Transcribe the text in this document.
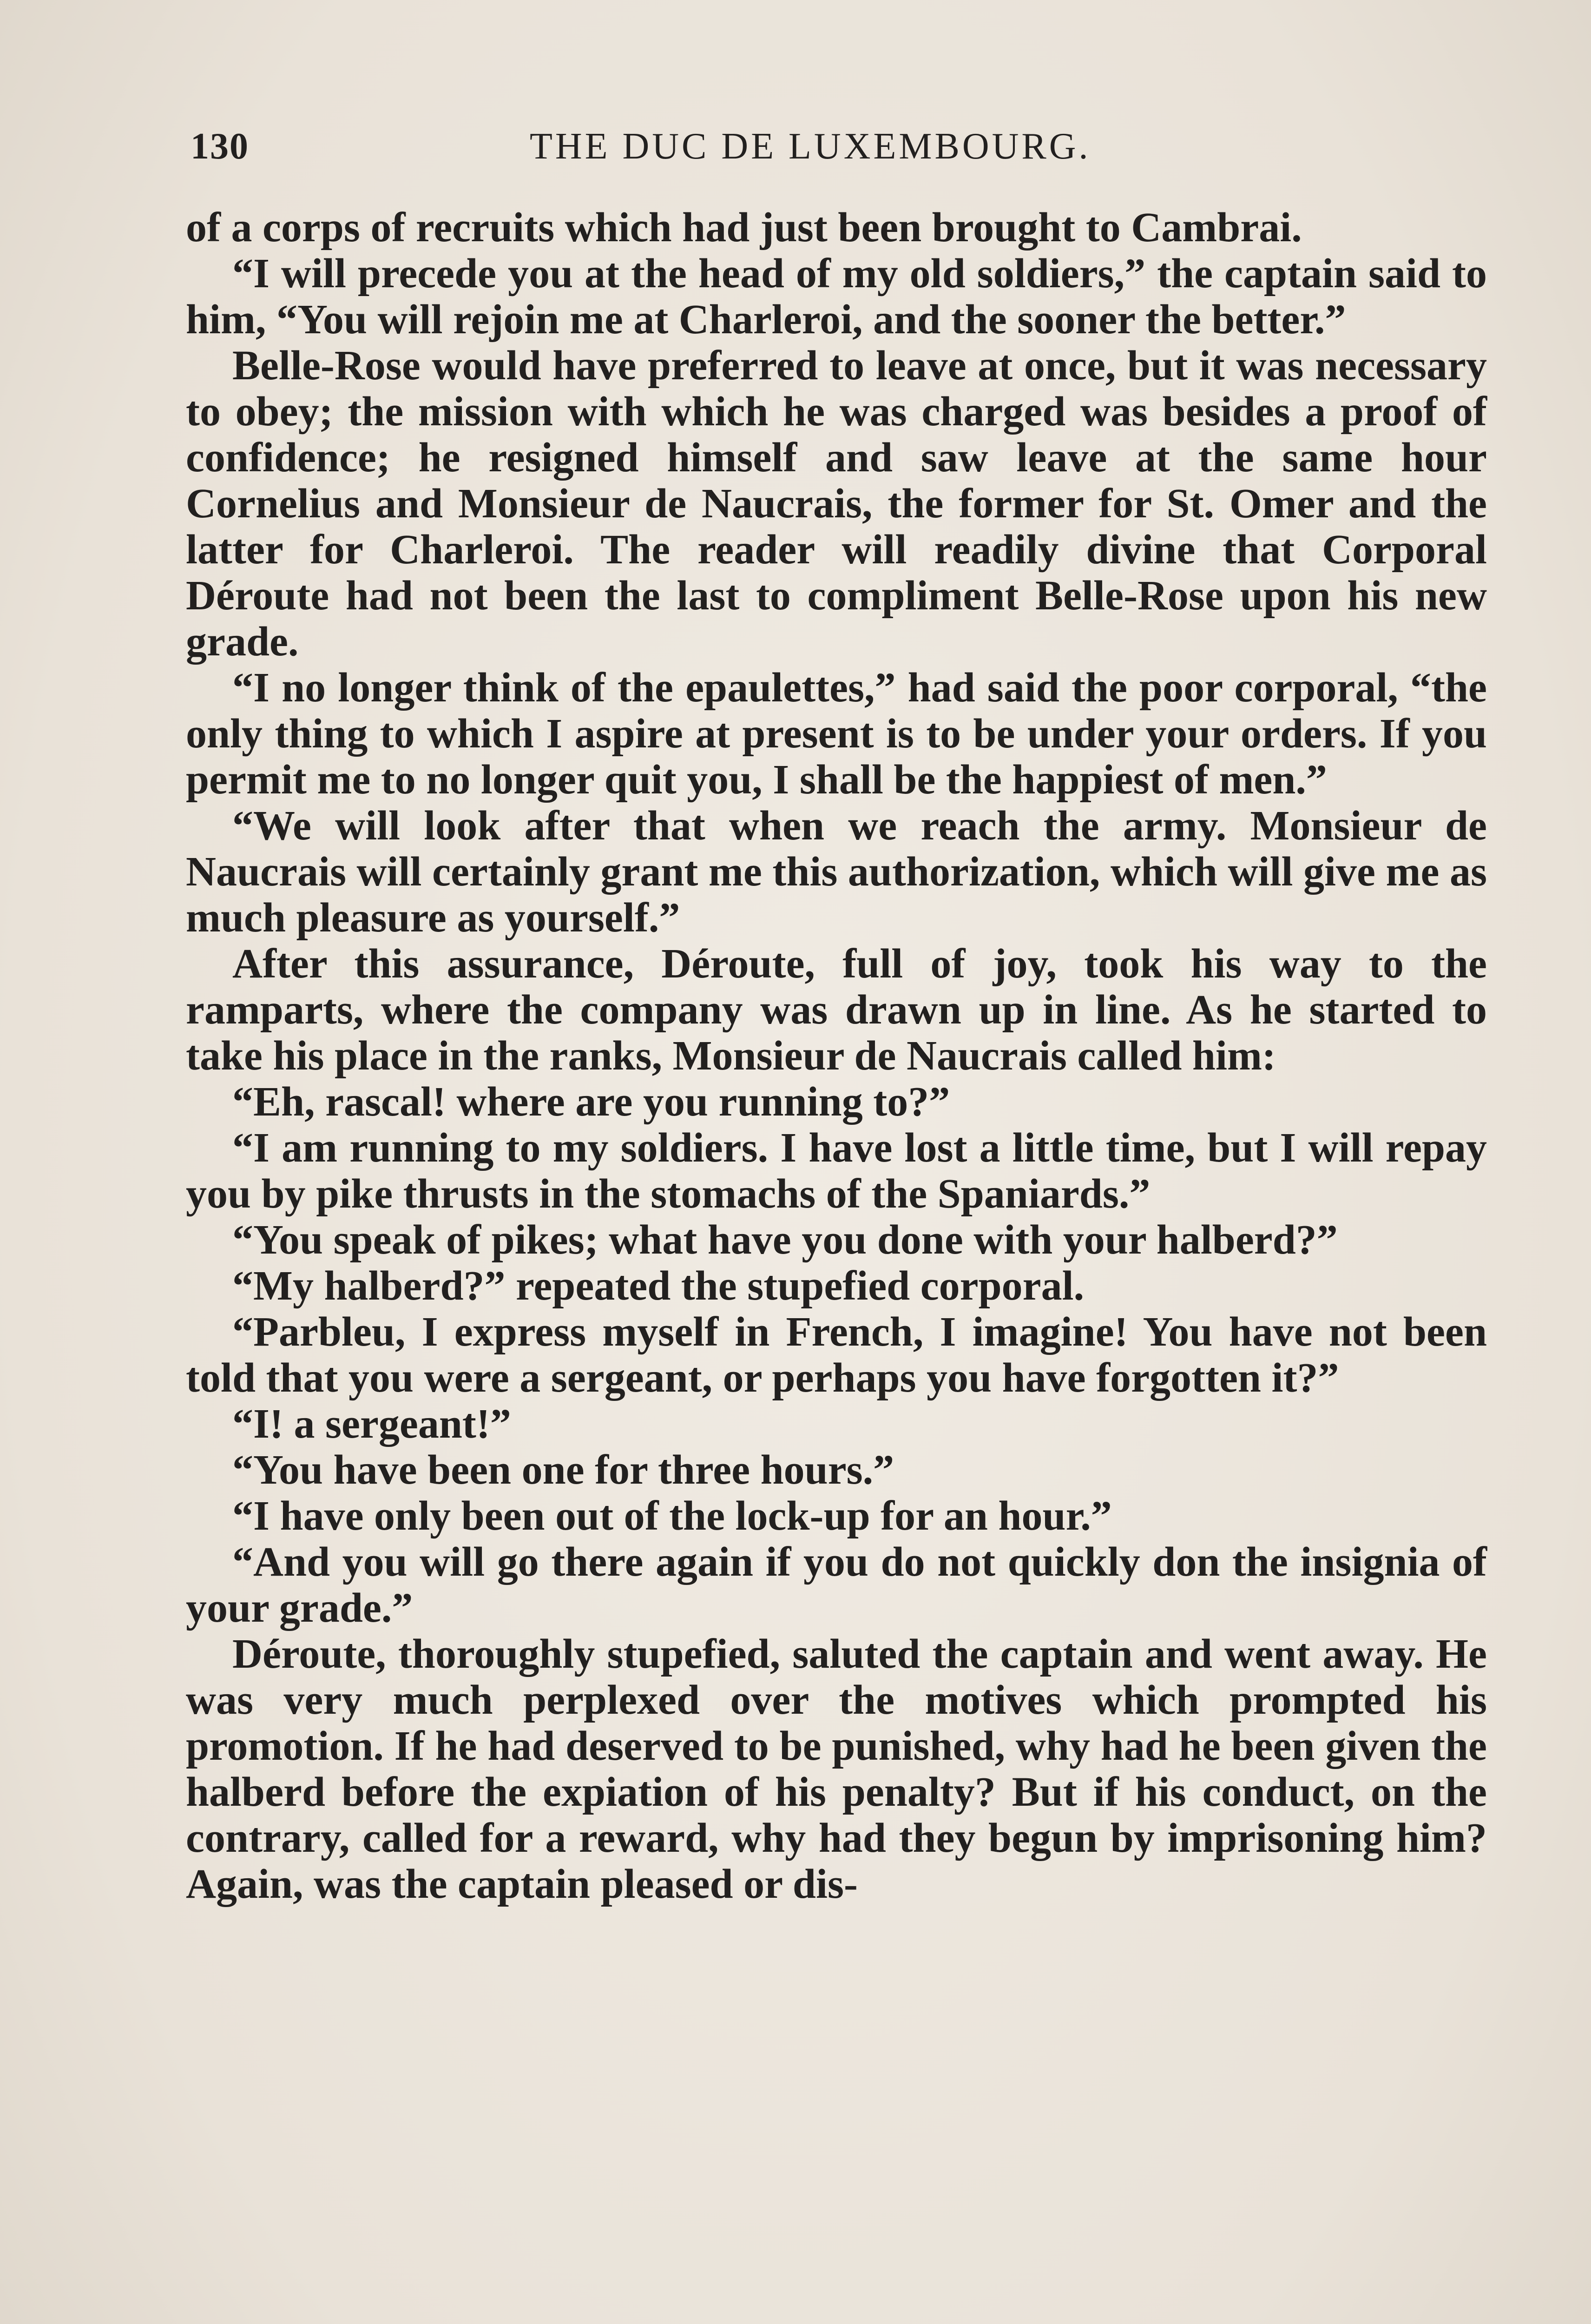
130	THE DUC DE LUXEMBOURG.

of a corps of recruits which had just been brought to Cambrai.

“I will precede you at the head of my old soldiers,” the captain said to him, “You will rejoin me at Charleroi, and the sooner the better.”

Belle-Rose would have preferred to leave at once, but it was necessary to obey; the mission with which he was charged was besides a proof of confidence; he resigned himself and saw leave at the same hour Cornelius and Monsieur de Naucrais, the former for St. Omer and the latter for Charleroi. The reader will readily divine that Corporal Déroute had not been the last to compliment Belle-Rose upon his new grade.

“I no longer think of the epaulettes,” had said the poor corporal, “the only thing to which I aspire at present is to be under your orders. If you permit me to no longer quit you, I shall be the happiest of men.”

“We will look after that when we reach the army. Monsieur de Naucrais will certainly grant me this authorization, which will give me as much pleasure as yourself.”

After this assurance, Déroute, full of joy, took his way to the ramparts, where the company was drawn up in line. As he started to take his place in the ranks, Monsieur de Naucrais called him:

“Eh, rascal! where are you running to?”

“I am running to my soldiers. I have lost a little time, but I will repay you by pike thrusts in the stomachs of the Spaniards.”

“You speak of pikes; what have you done with your halberd?”

“My halberd?” repeated the stupefied corporal.

“Parbleu, I express myself in French, I imagine! You have not been told that you were a sergeant, or perhaps you have forgotten it?”

“I! a sergeant!”

“You have been one for three hours.”

“I have only been out of the lock-up for an hour.”

“And you will go there again if you do not quickly don the insignia of your grade.”

Déroute, thoroughly stupefied, saluted the captain and went away. He was very much perplexed over the motives which prompted his promotion. If he had deserved to be punished, why had he been given the halberd before the expiation of his penalty? But if his conduct, on the contrary, called for a reward, why had they begun by imprisoning him? Again, was the captain pleased or dis-
